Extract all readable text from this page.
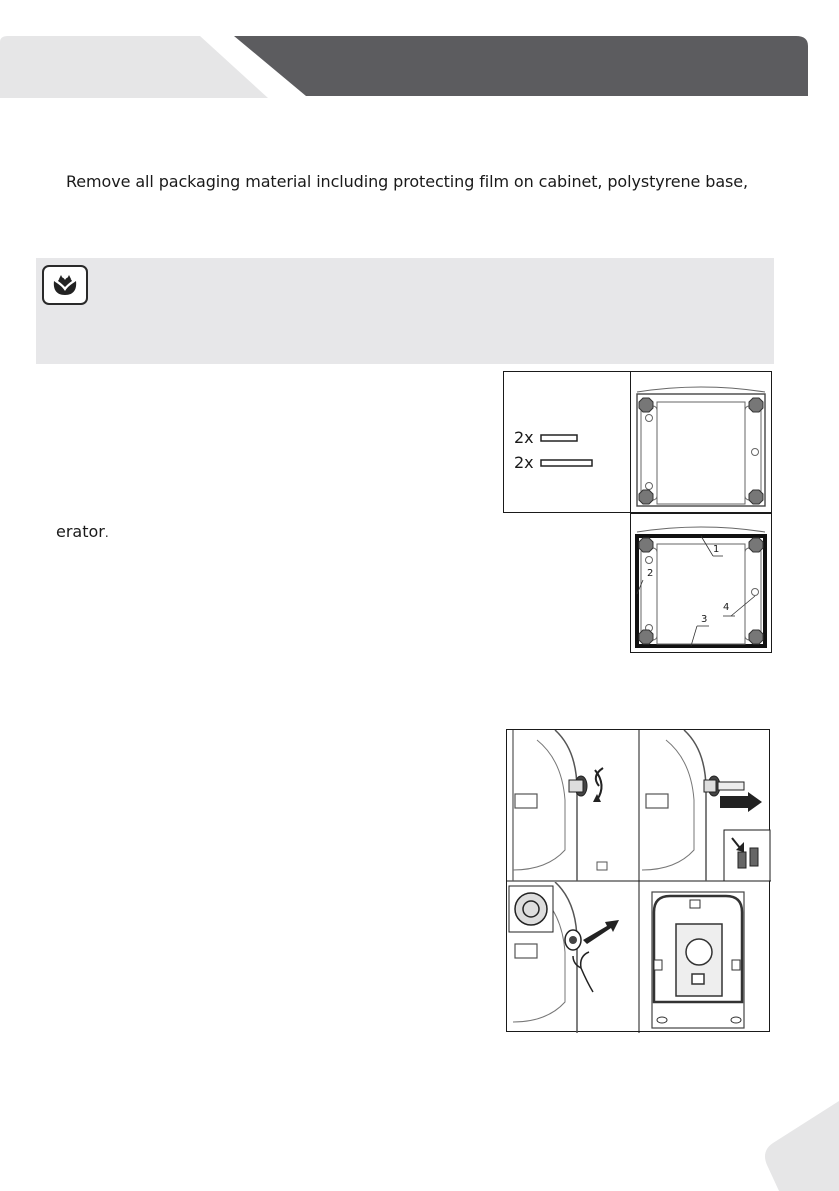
Remove all packaging material including protecting film on cabinet, polystyrene base,
2x
2x
erator.
1
2
3
4
